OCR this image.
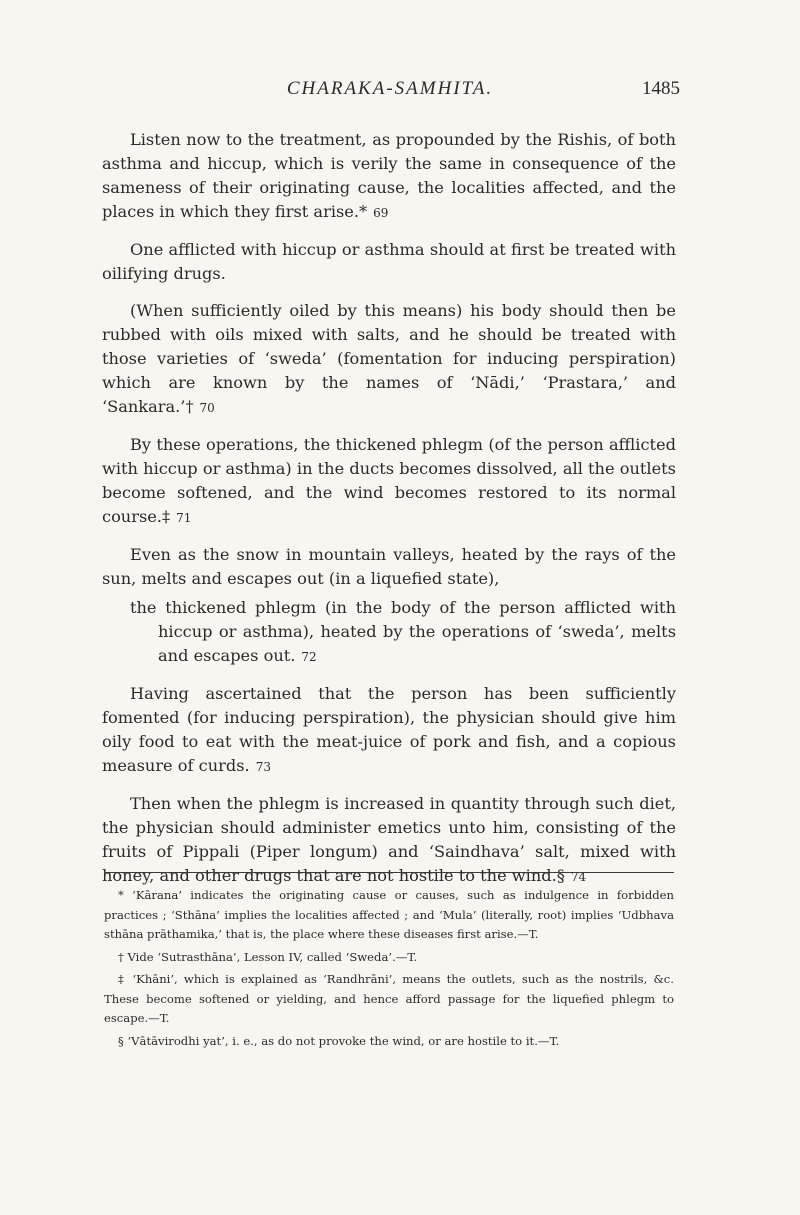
CHARAKA-SAMHITA.	1485

Listen now to the treatment, as propounded by the Rishis, of both asthma and hiccup, which is verily the same in consequence of the sameness of their originating cause, the localities affected, and the places in which they first arise.* 69

One afflicted with hiccup or asthma should at first be treated with oilifying drugs.

(When sufficiently oiled by this means) his body should then be rubbed with oils mixed with salts, and he should be treated with those varieties of ‘sweda’ (fomentation for inducing perspiration) which are known by the names of ‘Nādi,’ ‘Prastara,’ and ‘Sankara.’† 70

By these operations, the thickened phlegm (of the person afflicted with hiccup or asthma) in the ducts becomes dissolved, all the outlets become softened, and the wind becomes restored to its normal course.‡ 71

Even as the snow in mountain valleys, heated by the rays of the sun, melts and escapes out (in a liquefied state),

the thickened phlegm (in the body of the person afflicted with hiccup or asthma), heated by the operations of ‘sweda’, melts and escapes out. 72

Having ascertained that the person has been sufficiently fomented (for inducing perspiration), the physician should give him oily food to eat with the meat-juice of pork and fish, and a copious measure of curds. 73

Then when the phlegm is increased in quantity through such diet, the physician should administer emetics unto him, consisting of the fruits of Pippali (Piper longum) and ‘Saindhava’ salt, mixed with honey, and other drugs that are not hostile to the wind.§ 74

* ‘Kārana’ indicates the originating cause or causes, such as indulgence in forbidden practices ; ‘Sthāna’ implies the localities affected ; and ‘Mula’ (literally, root) implies ‘Udbhava sthāna prāthamika,’ that is, the place where these diseases first arise.—T.

† Vide ‘Sutrasthāna’, Lesson IV, called ‘Sweda’.—T.

‡ ‘Khāni’, which is explained as ‘Randhrāni’, means the outlets, such as the nostrils, &c. These become softened or yielding, and hence afford passage for the liquefied phlegm to escape.—T.

§ ‘Vātāvirodhi yat’, i. e., as do not provoke the wind, or are hostile to it.—T.
